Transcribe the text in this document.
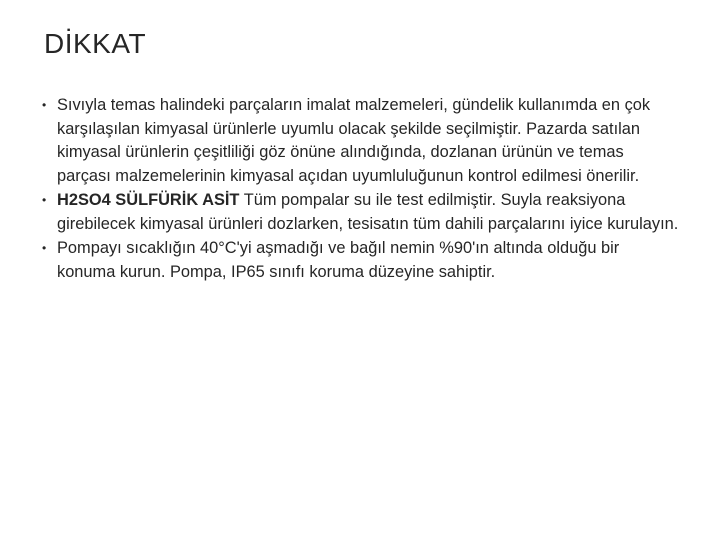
DİKKAT
• Sıvıyla temas halindeki parçaların imalat malzemeleri, gündelik kullanımda en çok karşılaşılan kimyasal ürünlerle uyumlu olacak şekilde seçilmiştir. Pazarda satılan kimyasal ürünlerin çeşitliliği göz önüne alındığında, dozlanan ürünün ve temas parçası malzemelerinin kimyasal açıdan uyumluluğunun kontrol edilmesi önerilir.
• H2SO4 SÜLFÜRİK ASİT Tüm pompalar su ile test edilmiştir. Suyla reaksiyona girebilecek kimyasal ürünleri dozlarken, tesisatın tüm dahili parçalarını iyice kurulayın.
• Pompayı sıcaklığın 40°C'yi aşmadığı ve bağıl nemin %90'ın altında olduğu bir konuma kurun. Pompa, IP65 sınıfı koruma düzeyine sahiptir.
